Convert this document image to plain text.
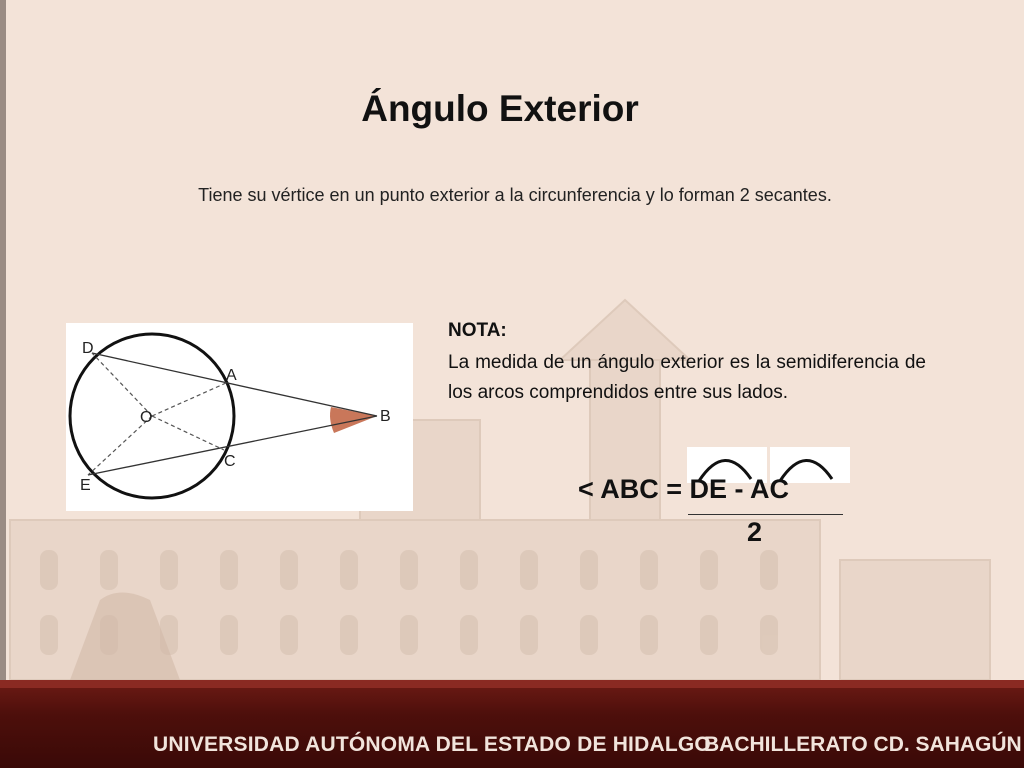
Ángulo Exterior
Tiene su vértice en un punto exterior a la circunferencia y lo forman 2 secantes.
D
A
O	B
C
E
NOTA:
La medida de un ángulo exterior es la semidiferencia de los arcos comprendidos entre sus lados.
< ABC = DE - AC
2
UNIVERSIDAD AUTÓNOMA DEL ESTADO DE HIDALGO
BACHILLERATO CD. SAHAGÚN
